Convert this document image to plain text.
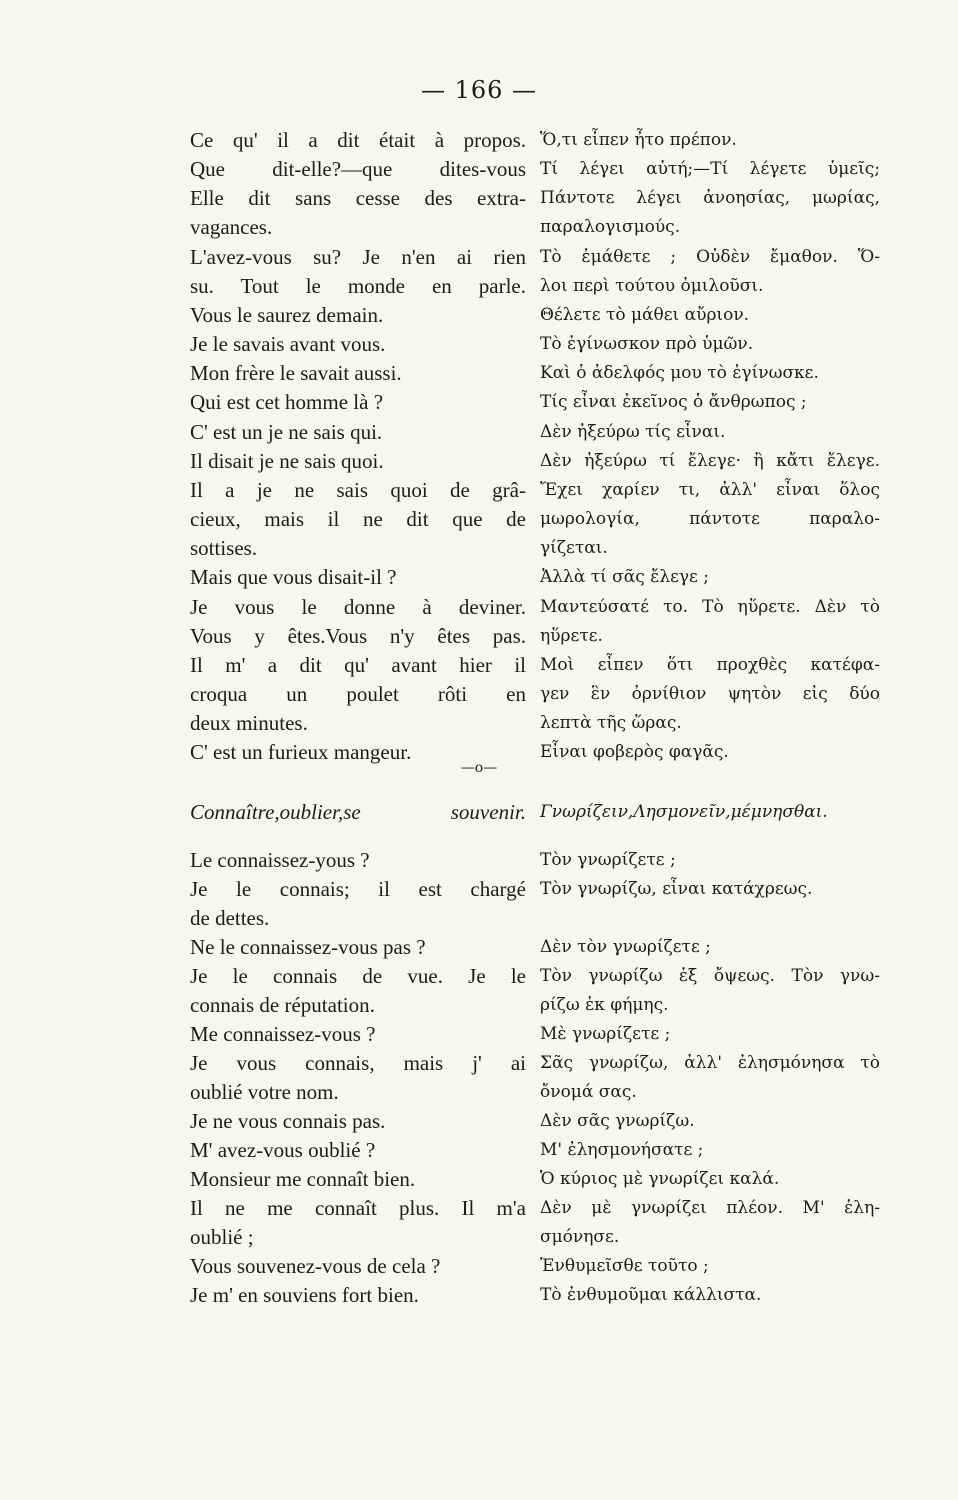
— 166 —
Ce qu' il a dit était à propos.
Que dit-elle?—que dites-vous
Elle dit sans cesse des extra-
vagances.
L'avez-vous su? Je n'en ai rien
su. Tout le monde en parle.
Vous le saurez demain.
Je le savais avant vous.
Mon frère le savait aussi.
Qui est cet homme là ?
C' est un je ne sais qui.
Il disait je ne sais quoi.
Il a je ne sais quoi de grâ-
cieux, mais il ne dit que de
sottises.
Mais que vous disait-il ?
Je vous le donne à deviner.
Vous y êtes.Vous n'y êtes pas.
Il m' a dit qu' avant hier il
croqua un poulet rôti en
deux minutes.
C' est un furieux mangeur.
Connaître,oublier,se souvenir.
Le connaissez-yous ?
Je le connais; il est chargé
de dettes.
Ne le connaissez-vous pas ?
Je le connais de vue. Je le
connais de réputation.
Me connaissez-vous ?
Je vous connais, mais j' ai
oublié votre nom.
Je ne vous connais pas.
M' avez-vous oublié ?
Monsieur me connaît bien.
Il ne me connaît plus. Il m'a
oublié ;
Vous souvenez-vous de cela ?
Je m' en souviens fort bien.
Ὅ,τι εἶπεν ἦτο πρέπον.
Τί λέγει αὐτή;—Τί λέγετε ὑμεῖς;
Πάντοτε λέγει ἀνοησίας, μωρίας,
παραλογισμούς.
Τὸ ἐμάθετε ; Οὐδὲν ἔμαθον. Ὅ-
λοι περὶ τούτου ὁμιλοῦσι.
Θέλετε τὸ μάθει αὔριον.
Τὸ ἐγίνωσκον πρὸ ὑμῶν.
Καὶ ὁ ἀδελφός μου τὸ ἐγίνωσκε.
Τίς εἶναι ἐκεῖνος ὁ ἄνθρωπος ;
Δὲν ἠξεύρω τίς εἶναι.
Δὲν ἠξεύρω τί ἔλεγε· ἢ κἄτι ἔλεγε.
Ἔχει χαρίεν τι, ἀλλ' εἶναι ὅλος
μωρολογία, πάντοτε παραλο-
γίζεται.
Ἀλλὰ τί σᾶς ἔλεγε ;
Μαντεύσατέ το. Τὸ ηὕρετε. Δὲν τὸ
ηὕρετε.
Μοὶ εἶπεν ὅτι προχθὲς κατέφα-
γεν ἓν ὀρνίθιον ψητὸν εἰς δύο
λεπτὰ τῆς ὥρας.
Εἶναι φοβερὸς φαγᾶς.
Γνωρίζειν,Λησμονεῖν,μέμνησθαι.
Τὸν γνωρίζετε ;
Τὸν γνωρίζω, εἶναι κατάχρεως.
Δὲν τὸν γνωρίζετε ;
Τὸν γνωρίζω ἐξ ὄψεως. Τὸν γνω-
ρίζω ἐκ φήμης.
Μὲ γνωρίζετε ;
Σᾶς γνωρίζω, ἀλλ' ἐλησμόνησα τὸ
ὄνομά σας.
Δὲν σᾶς γνωρίζω.
Μ' ἐλησμονήσατε ;
Ὁ κύριος μὲ γνωρίζει καλά.
Δὲν μὲ γνωρίζει πλέον. Μ' ἐλη-
σμόνησε.
Ἐνθυμεῖσθε τοῦτο ;
Τὸ ἐνθυμοῦμαι κάλλιστα.
—o—
